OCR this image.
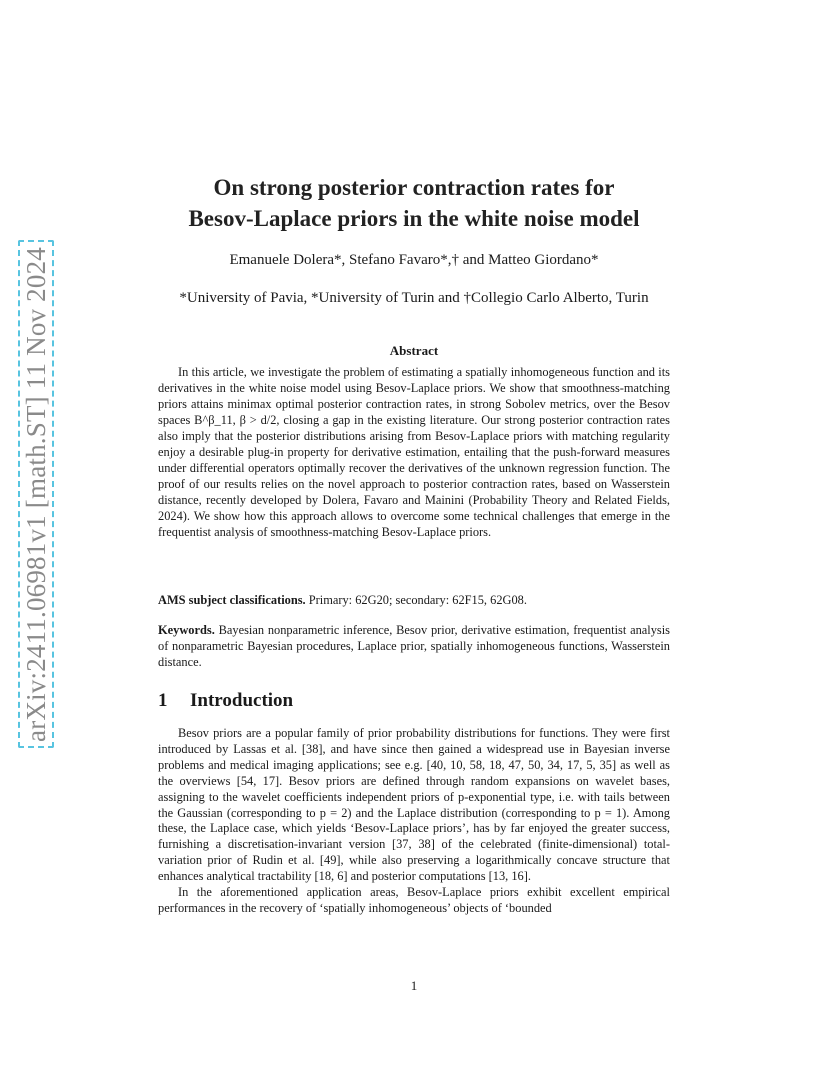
arXiv:2411.06981v1 [math.ST] 11 Nov 2024
On strong posterior contraction rates for
Besov-Laplace priors in the white noise model
Emanuele Dolera*, Stefano Favaro*,† and Matteo Giordano*
*University of Pavia, *University of Turin and †Collegio Carlo Alberto, Turin
Abstract
In this article, we investigate the problem of estimating a spatially inhomogeneous function and its derivatives in the white noise model using Besov-Laplace priors. We show that smoothness-matching priors attains minimax optimal posterior contraction rates, in strong Sobolev metrics, over the Besov spaces B^β_11, β > d/2, closing a gap in the existing literature. Our strong posterior contraction rates also imply that the posterior distributions arising from Besov-Laplace priors with matching regularity enjoy a desirable plug-in property for derivative estimation, entailing that the push-forward measures under differential operators optimally recover the derivatives of the unknown regression function. The proof of our results relies on the novel approach to posterior contraction rates, based on Wasserstein distance, recently developed by Dolera, Favaro and Mainini (Probability Theory and Related Fields, 2024). We show how this approach allows to overcome some technical challenges that emerge in the frequentist analysis of smoothness-matching Besov-Laplace priors.
AMS subject classifications. Primary: 62G20; secondary: 62F15, 62G08.
Keywords. Bayesian nonparametric inference, Besov prior, derivative estimation, frequentist analysis of nonparametric Bayesian procedures, Laplace prior, spatially inhomogeneous functions, Wasserstein distance.
1 Introduction

Besov priors are a popular family of prior probability distributions for functions. They were first introduced by Lassas et al. [38], and have since then gained a widespread use in Bayesian inverse problems and medical imaging applications; see e.g. [40, 10, 58, 18, 47, 50, 34, 17, 5, 35] as well as the overviews [54, 17]. Besov priors are defined through random expansions on wavelet bases, assigning to the wavelet coefficients independent priors of p-exponential type, i.e. with tails between the Gaussian (corresponding to p = 2) and the Laplace distribution (corresponding to p = 1). Among these, the Laplace case, which yields ‘Besov-Laplace priors’, has by far enjoyed the greater success, furnishing a discretisation-invariant version [37, 38] of the celebrated (finite-dimensional) total-variation prior of Rudin et al. [49], while also preserving a logarithmically concave structure that enhances analytical tractability [18, 6] and posterior computations [13, 16].

In the aforementioned application areas, Besov-Laplace priors exhibit excellent empirical performances in the recovery of ‘spatially inhomogeneous’ objects of ‘bounded

1
